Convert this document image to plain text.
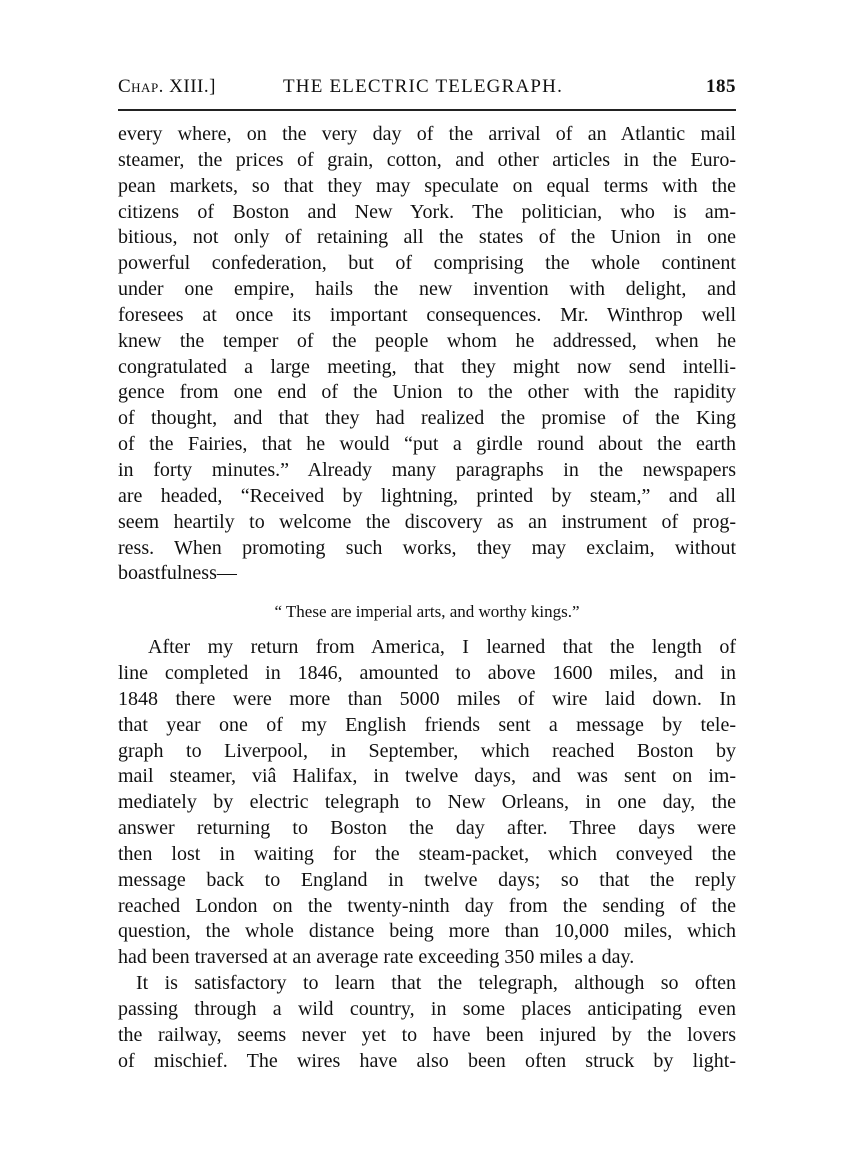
Chap. XIII.]	THE ELECTRIC TELEGRAPH.	185
every where, on the very day of the arrival of an Atlantic mail
steamer, the prices of grain, cotton, and other articles in the Euro-
pean markets, so that they may speculate on equal terms with the
citizens of Boston and New York. The politician, who is am-
bitious, not only of retaining all the states of the Union in one
powerful confederation, but of comprising the whole continent
under one empire, hails the new invention with delight, and
foresees at once its important consequences. Mr. Winthrop well
knew the temper of the people whom he addressed, when he
congratulated a large meeting, that they might now send intelli-
gence from one end of the Union to the other with the rapidity
of thought, and that they had realized the promise of the King
of the Fairies, that he would “put a girdle round about the earth
in forty minutes.” Already many paragraphs in the newspapers
are headed, “Received by lightning, printed by steam,” and all
seem heartily to welcome the discovery as an instrument of prog-
ress. When promoting such works, they may exclaim, without
boastfulness—
“ These are imperial arts, and worthy kings.”
After my return from America, I learned that the length of
line completed in 1846, amounted to above 1600 miles, and in
1848 there were more than 5000 miles of wire laid down. In
that year one of my English friends sent a message by tele-
graph to Liverpool, in September, which reached Boston by
mail steamer, viâ Halifax, in twelve days, and was sent on im-
mediately by electric telegraph to New Orleans, in one day, the
answer returning to Boston the day after. Three days were
then lost in waiting for the steam-packet, which conveyed the
message back to England in twelve days; so that the reply
reached London on the twenty-ninth day from the sending of the
question, the whole distance being more than 10,000 miles, which
had been traversed at an average rate exceeding 350 miles a day.
It is satisfactory to learn that the telegraph, although so often
passing through a wild country, in some places anticipating even
the railway, seems never yet to have been injured by the lovers
of mischief. The wires have also been often struck by light-
